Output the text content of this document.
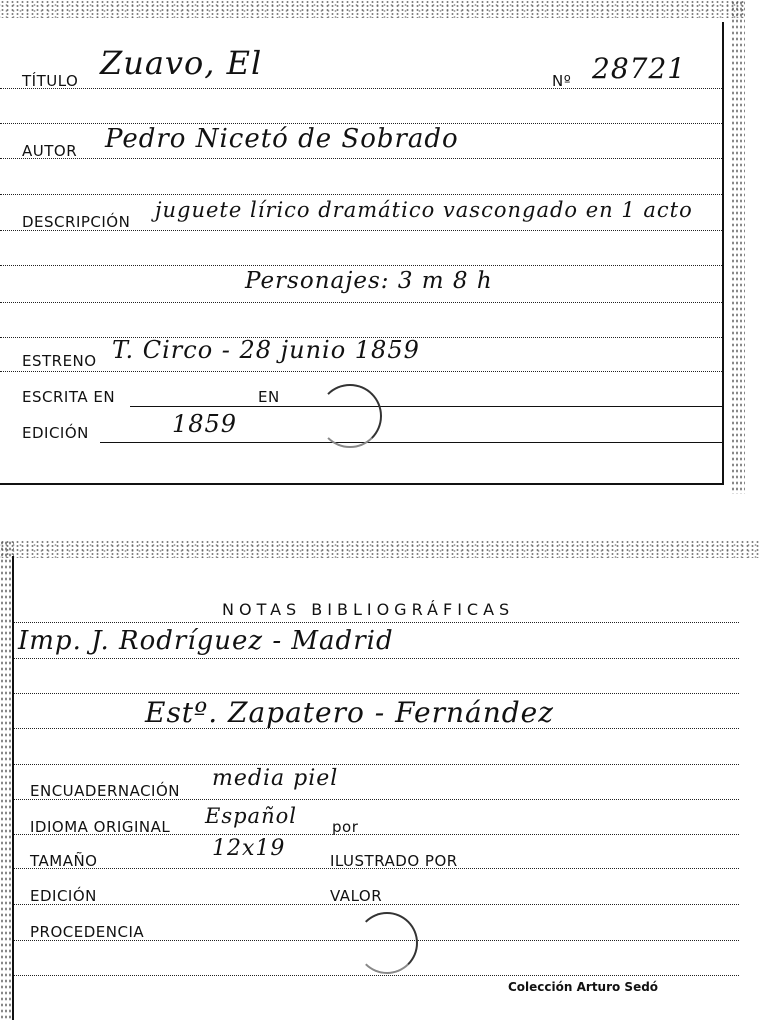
TÍTULO Zuavo, El	Nº 28721
AUTOR Pedro Nicetó de Sobrado
DESCRIPCIÓN juguete lírico dramático vascongado en 1 acto
Personajes: 3 m 8 h
ESTRENO T. Circo - 28 junio 1859
ESCRITA EN	EN
EDICIÓN	1859
NOTAS BIBLIOGRÁFICAS
Imp. J. Rodríguez - Madrid
Estº. Zapatero - Fernández
ENCUADERNACIÓN media piel
IDIOMA ORIGINAL Español por
TAMAÑO	12x19	ILUSTRADO POR
EDICIÓN	VALOR
PROCEDENCIA
Colección Arturo Sedó
